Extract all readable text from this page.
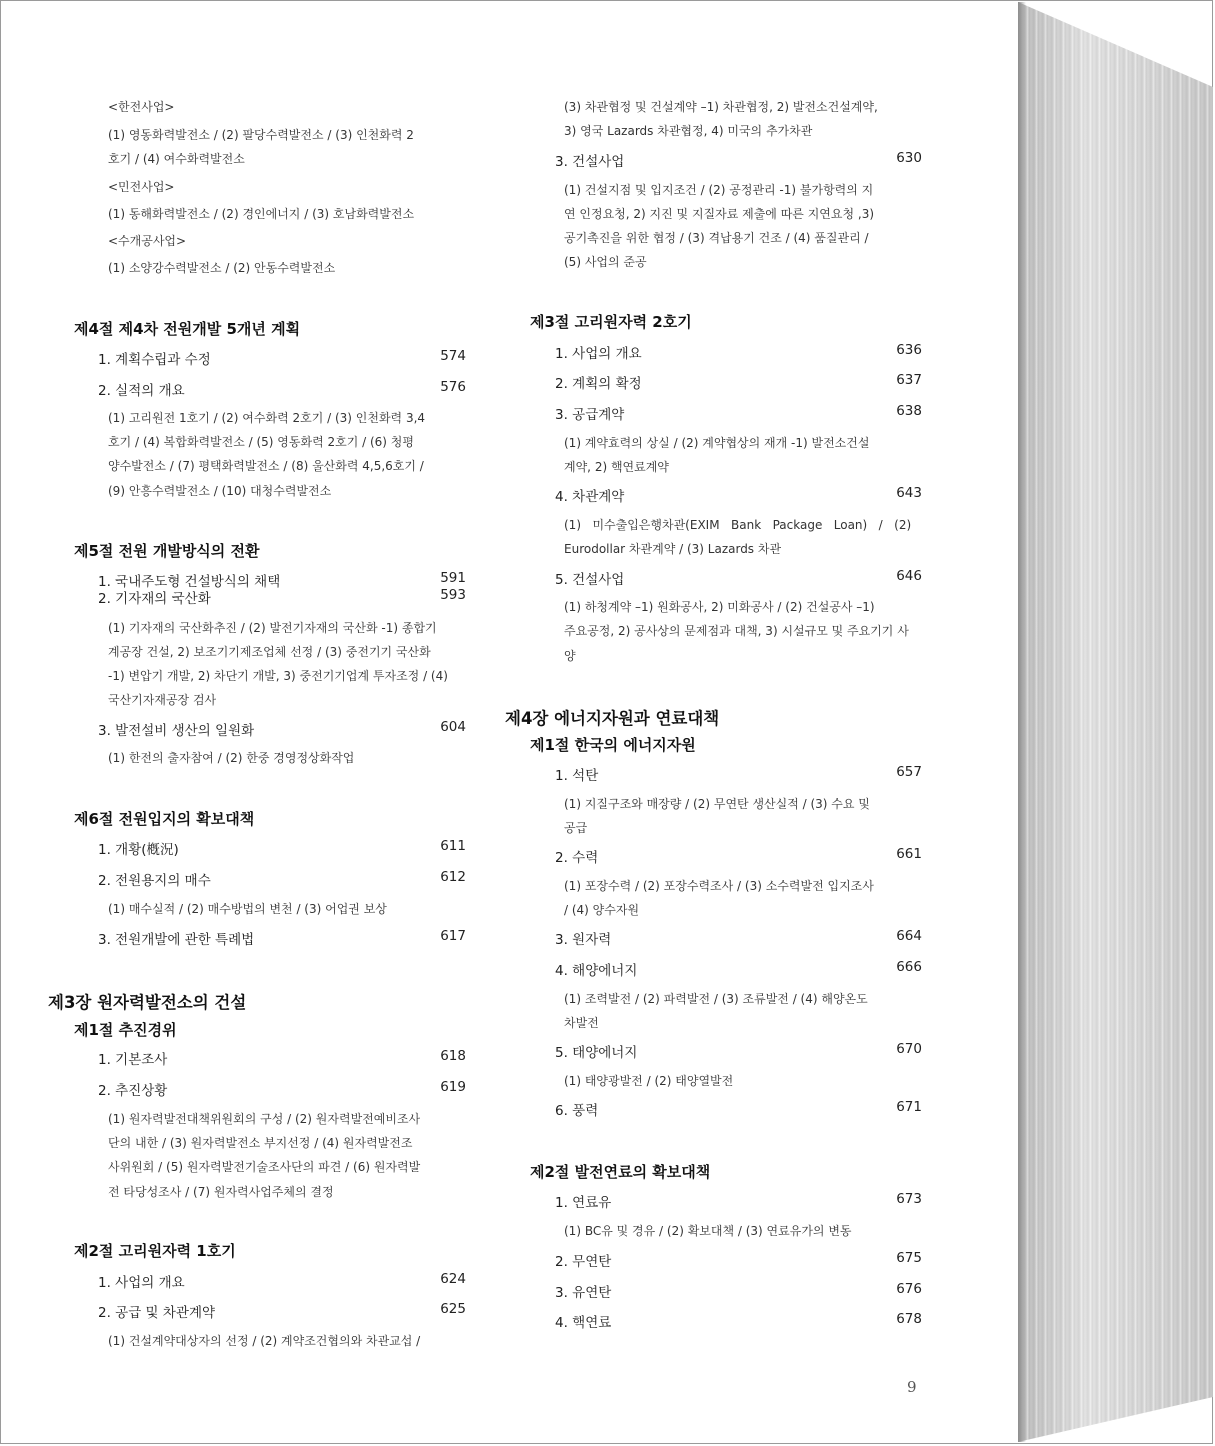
<한전사업>
(1) 영동화력발전소 / (2) 팔당수력발전소 / (3) 인천화력 2
호기 / (4) 여수화력발전소
<민전사업>
(1) 동해화력발전소 / (2) 경인에너지 / (3) 호남화력발전소
<수개공사업>
(1) 소양강수력발전소 / (2) 안동수력발전소
제4절 제4차 전원개발 5개년 계획
1. 계획수립과 수정	574
2. 실적의 개요	576
(1) 고리원전 1호기 / (2) 여수화력 2호기 / (3) 인천화력 3,4
호기 / (4) 복합화력발전소 / (5) 영동화력 2호기 / (6) 청평
양수발전소 / (7) 평택화력발전소 / (8) 울산화력 4,5,6호기 /
(9) 안흥수력발전소 / (10) 대청수력발전소
제5절 전원 개발방식의 전환
1. 국내주도형 건설방식의 채택	591
2. 기자재의 국산화	593
(1) 기자재의 국산화추진 / (2) 발전기자재의 국산화 -1) 종합기
계공장 건설, 2) 보조기기제조업체 선정 / (3) 중전기기 국산화
-1) 변압기 개발, 2) 차단기 개발, 3) 중전기기업계 투자조정 / (4)
국산기자재공장 검사
3. 발전설비 생산의 일원화	604
(1) 한전의 출자참여 / (2) 한중 경영정상화작업
제6절 전원입지의 확보대책
1. 개황(槪況)	611
2. 전원용지의 매수	612
(1) 매수실적 / (2) 매수방법의 변천 / (3) 어업권 보상
3. 전원개발에 관한 특례법	617
제3장 원자력발전소의 건설
제1절 추진경위
1. 기본조사	618
2. 추진상황	619
(1) 원자력발전대책위원회의 구성 / (2) 원자력발전예비조사
단의 내한 / (3) 원자력발전소 부지선정 / (4) 원자력발전조
사위원회 / (5) 원자력발전기술조사단의 파견 / (6) 원자력발
전 타당성조사 / (7) 원자력사업주체의 결정
제2절 고리원자력 1호기
1. 사업의 개요	624
2. 공급 및 차관계약	625
(1) 건설계약대상자의 선정 / (2) 계약조건협의와 차관교섭 /
(3) 차관협정 및 건설계약 –1) 차관협정, 2) 발전소건설계약,
3) 영국 Lazards 차관협정, 4) 미국의 추가차관
3. 건설사업	630
(1) 건설지점 및 입지조건 / (2) 공정관리 -1) 불가항력의 지
연 인정요청, 2) 지진 및 지질자료 제출에 따른 지연요청 ,3)
공기촉진을 위한 협정 / (3) 격납용기 건조 / (4) 품질관리 /
(5) 사업의 준공
제3절 고리원자력 2호기
1. 사업의 개요	636
2. 계획의 확정	637
3. 공급계약	638
(1) 계약효력의 상실 / (2) 계약협상의 재개 -1) 발전소건설
계약, 2) 핵연료계약
4. 차관계약	643
(1)   미수출입은행차관(EXIM   Bank   Package   Loan)   /   (2)
Eurodollar 차관계약 / (3) Lazards 차관
5. 건설사업	646
(1) 하청계약 –1) 원화공사, 2) 미화공사 / (2) 건설공사 –1)
주요공정, 2) 공사상의 문제점과 대책, 3) 시설규모 및 주요기기 사
양
제4장 에너지자원과 연료대책
제1절 한국의 에너지자원
1. 석탄	657
(1) 지질구조와 매장량 / (2) 무연탄 생산실적 / (3) 수요 및
공급
2. 수력	661
(1) 포장수력 / (2) 포장수력조사 / (3) 소수력발전 입지조사
/ (4) 양수자원
3. 원자력	664
4. 해양에너지	666
(1) 조력발전 / (2) 파력발전 / (3) 조류발전 / (4) 해양온도
차발전
5. 태양에너지	670
(1) 태양광발전 / (2) 태양열발전
6. 풍력	671
제2절 발전연료의 확보대책
1. 연료유	673
(1) BC유 및 경유 / (2) 확보대책 / (3) 연료유가의 변동
2. 무연탄	675
3. 유연탄	676
4. 핵연료	678
9
